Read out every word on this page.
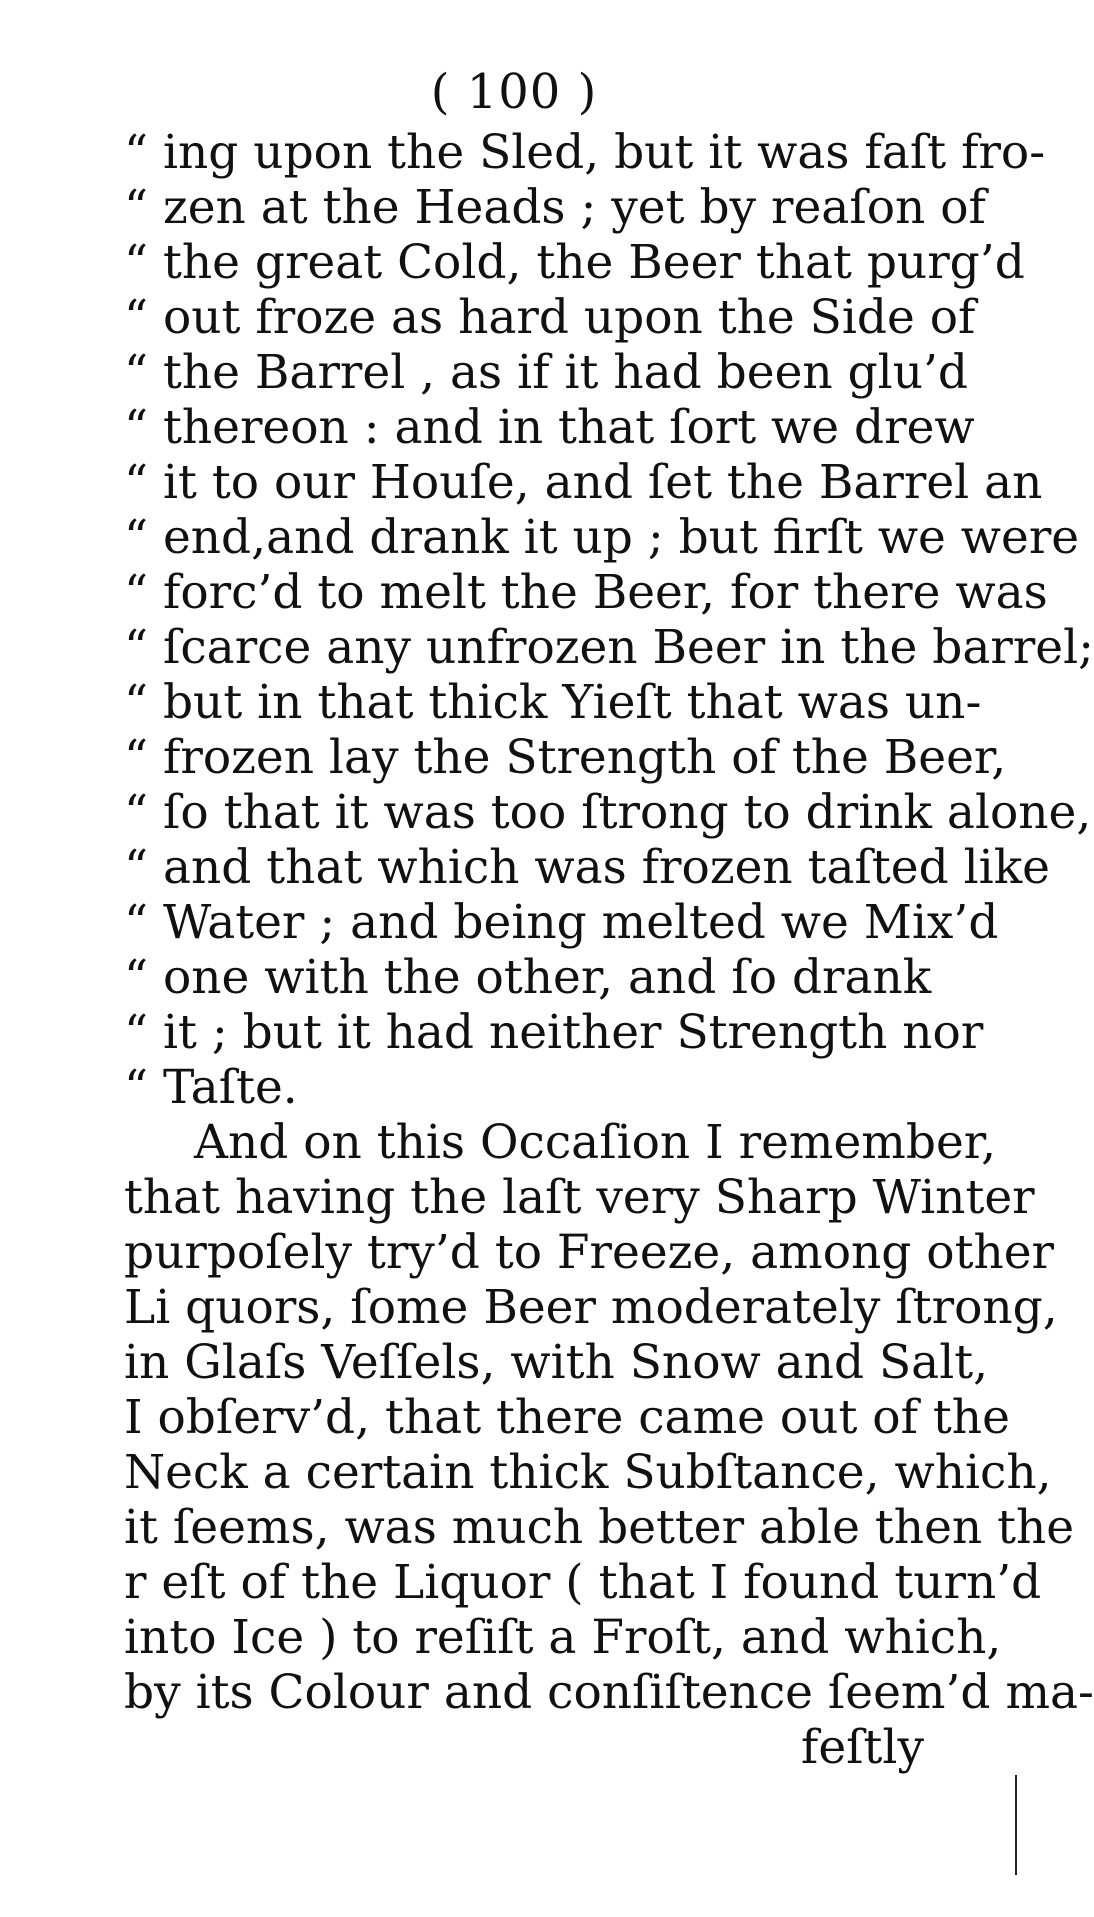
( 100 )
“ ing upon the Sled, but it was faſt fro-
“ zen at the Heads ; yet by reaſon of
“ the great Cold, the Beer that purg’d
“ out froze as hard upon the Side of
“ the Barrel , as if it had been glu’d
“ thereon : and in that ſort we drew
“ it to our Houſe, and ſet the Barrel an
“ end,and drank it up ; but firſt we were
“ forc’d to melt the Beer, for there was
“ ſcarce any unfrozen Beer in the barrel;
“ but in that thick Yieſt that was un-
“ frozen lay the Strength of the Beer,
“ ſo that it was too ſtrong to drink alone,
“ and that which was frozen taſted like
“ Water ; and being melted we Mix’d
“ one with the other, and ſo drank
“ it ; but it had neither Strength nor
“ Taſte.
And on this Occaſion I remember,
that having the laſt very Sharp Winter
purpoſely try’d to Freeze, among other
Li quors, ſome Beer moderately ſtrong,
in Glaſs Veſſels, with Snow and Salt,
I obſerv’d, that there came out of the
Neck a certain thick Subſtance, which,
it ſeems, was much better able then the
r eſt of the Liquor ( that I found turn’d
into Ice ) to reſiſt a Froſt, and which,
by its Colour and conſiſtence ſeem’d ma-
feſtly
